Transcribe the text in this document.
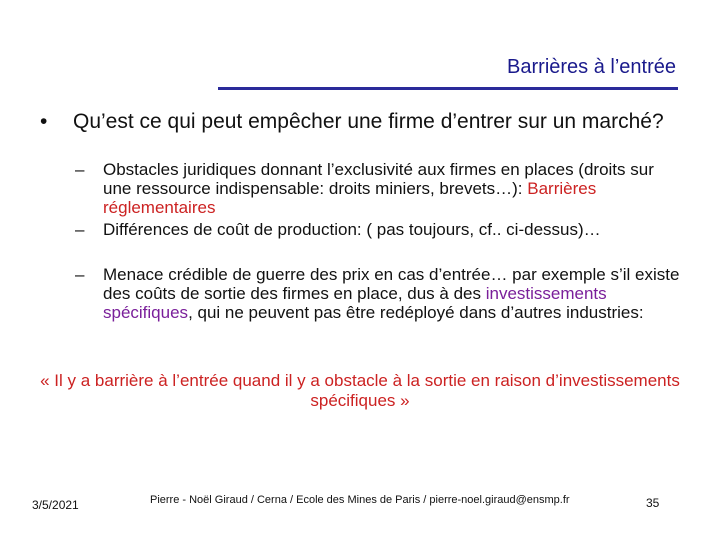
Barrières à l’entrée
• Qu’est ce qui peut empêcher une firme d’entrer sur un marché?
– Obstacles juridiques donnant l’exclusivité aux firmes en places (droits sur une ressource indispensable: droits miniers, brevets…): Barrières réglementaires
– Différences de coût de production: ( pas toujours, cf.. ci-dessus)…
– Menace crédible de guerre des prix en cas d’entrée… par exemple s’il existe des coûts de sortie des firmes en place, dus à des investissements spécifiques, qui ne peuvent pas être redéployé dans d’autres industries:
« Il y a barrière à l’entrée quand il y a obstacle à la sortie en raison d’investissements spécifiques »
3/5/2021	Pierre - Noël Giraud / Cerna / Ecole des Mines de Paris / pierre-noel.giraud@ensmp.fr	35
